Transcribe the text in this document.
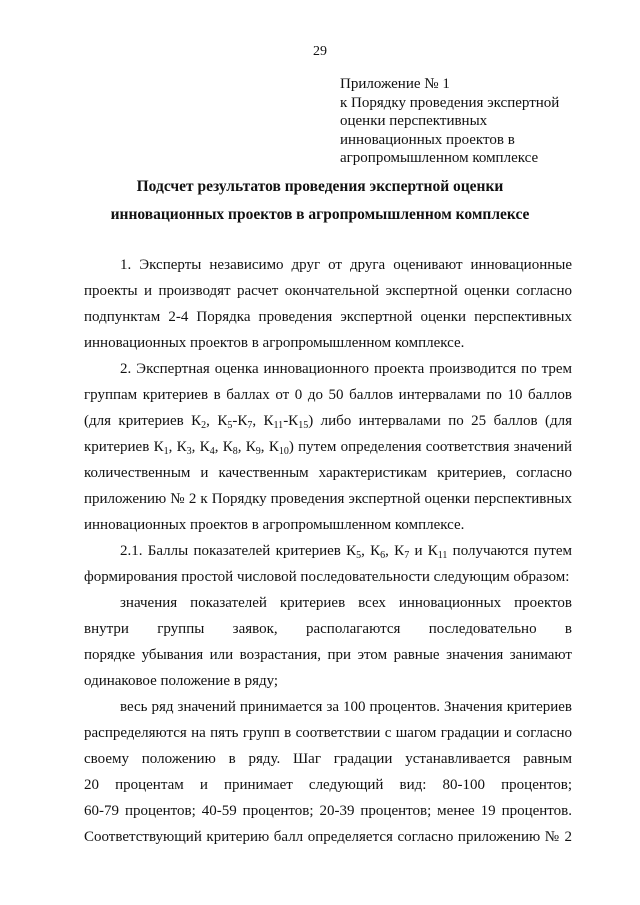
29
Приложение № 1
к Порядку проведения экспертной
оценки перспективных
инновационных проектов в
агропромышленном комплексе
Подсчет результатов проведения экспертной оценки
инновационных проектов в агропромышленном комплексе
1. Эксперты независимо друг от друга оценивают инновационные
проекты и производят расчет окончательной экспертной оценки согласно
подпунктам 2-4 Порядка проведения экспертной оценки перспективных
инновационных проектов в агропромышленном комплексе.
2. Экспертная оценка инновационного проекта производится по трем
группам критериев в баллах от 0 до 50 баллов интервалами по 10 баллов
(для критериев $К_2$, $К_5-К_7$, $К_{11}-К_{15}$) либо интервалами по 25 баллов (для
критериев $К_1$, $К_3$, $К_4$, $К_8$, $К_9$, $К_{10}$) путем определения соответствия значений
количественным и качественным характеристикам критериев, согласно
приложению № 2 к Порядку проведения экспертной оценки перспективных
инновационных проектов в агропромышленном комплексе.
2.1. Баллы показателей критериев $К_5$, $К_6$, $К_7$ и $К_{11}$ получаются путем
формирования простой числовой последовательности следующим образом:
значения показателей критериев всех инновационных проектов
внутри группы заявок, располагаются последовательно в
порядке убывания или возрастания, при этом равные значения занимают
одинаковое положение в ряду;
весь ряд значений принимается за 100 процентов. Значения критериев
распределяются на пять групп в соответствии с шагом градации и согласно
своему положению в ряду. Шаг градации устанавливается равным
20 процентам и принимает следующий вид: 80-100 процентов;
60-79 процентов; 40-59 процентов; 20-39 процентов; менее 19 процентов.
Соответствующий критерию балл определяется согласно приложению № 2
